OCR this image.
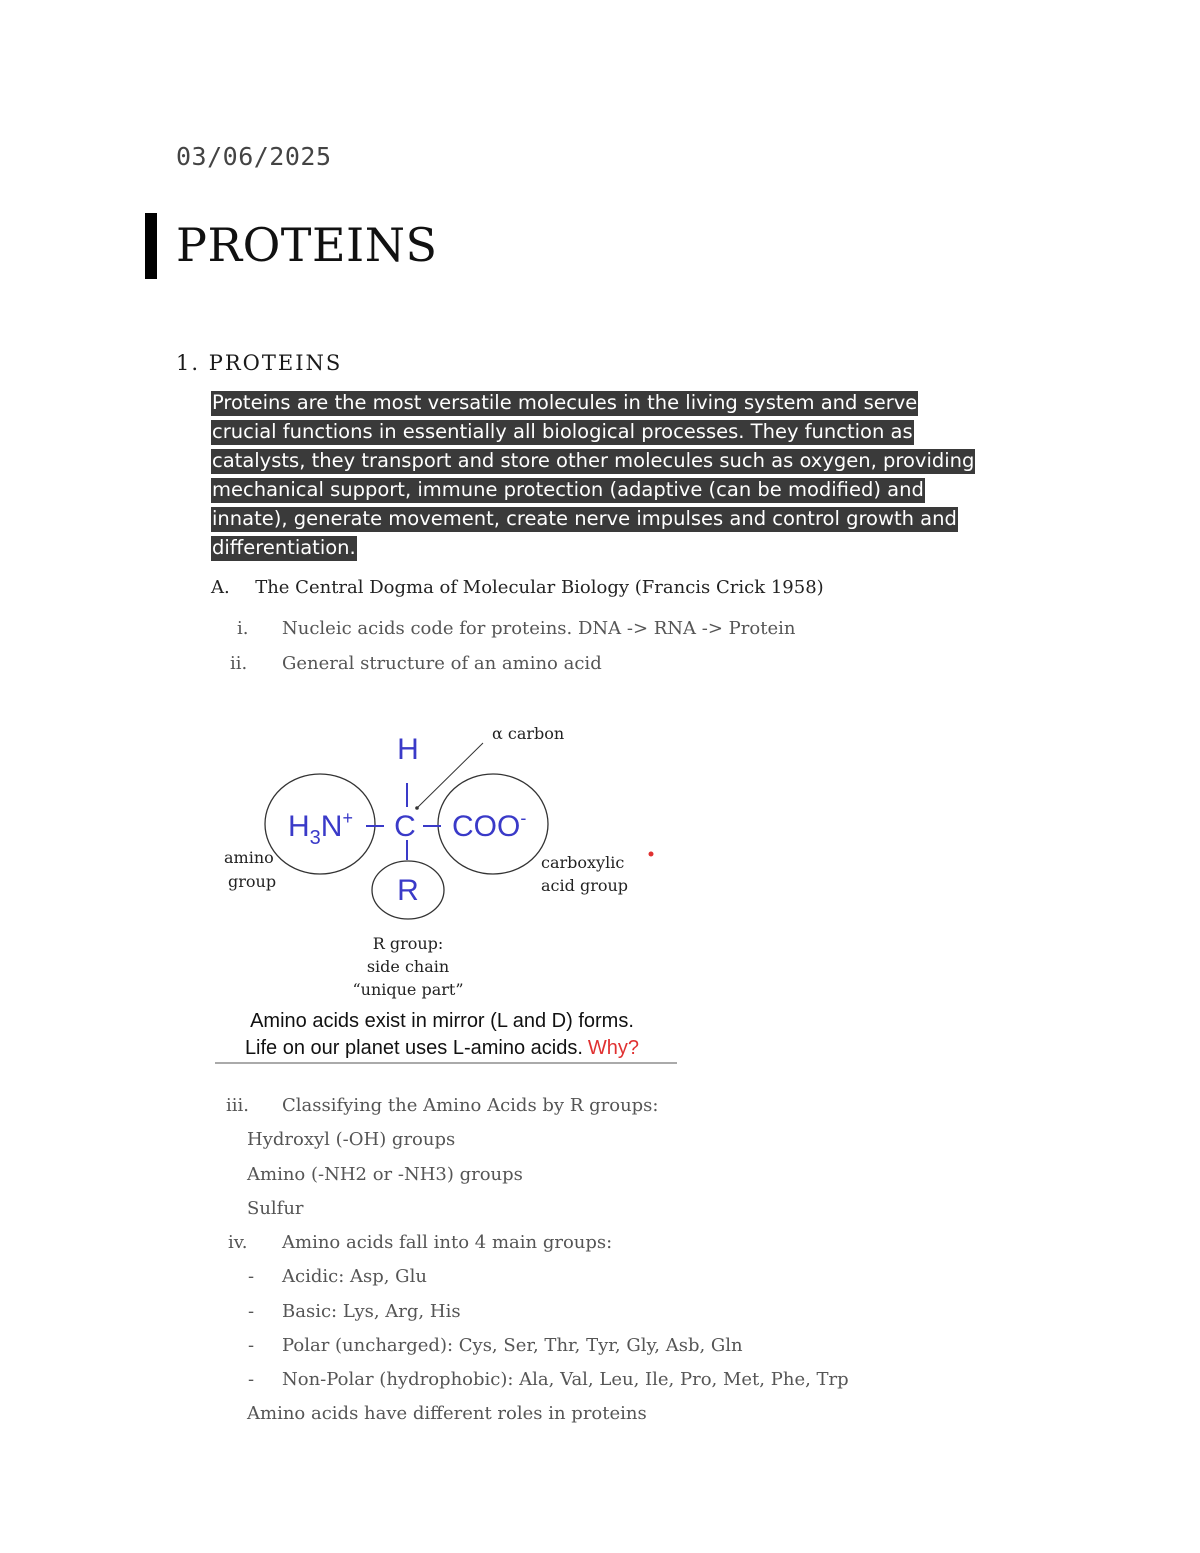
03/06/2025
PROTEINS
1. PROTEINS
Proteins are the most versatile molecules in the living system and serve
crucial functions in essentially all biological processes. They function as
catalysts, they transport and store other molecules such as oxygen, providing
mechanical support, immune protection (adaptive (can be modified) and
innate), generate movement, create nerve impulses and control growth and
differentiation.
A. The Central Dogma of Molecular Biology (Francis Crick 1958)
i. Nucleic acids code for proteins. DNA -> RNA -> Protein
ii. General structure of an amino acid
H
$H_3N^+$ C COO-
R
α carbon
amino
group
carboxylic
acid group
R group:
side chain
“unique part”
Amino acids exist in mirror (L and D) forms.
Life on our planet uses L-amino acids. Why?
iii. Classifying the Amino Acids by R groups:
Hydroxyl (-OH) groups
Amino (-NH2 or -NH3) groups
Sulfur
iv. Amino acids fall into 4 main groups:
- Acidic: Asp, Glu
- Basic: Lys, Arg, His
- Polar (uncharged): Cys, Ser, Thr, Tyr, Gly, Asb, Gln
- Non-Polar (hydrophobic): Ala, Val, Leu, Ile, Pro, Met, Phe, Trp
Amino acids have different roles in proteins
